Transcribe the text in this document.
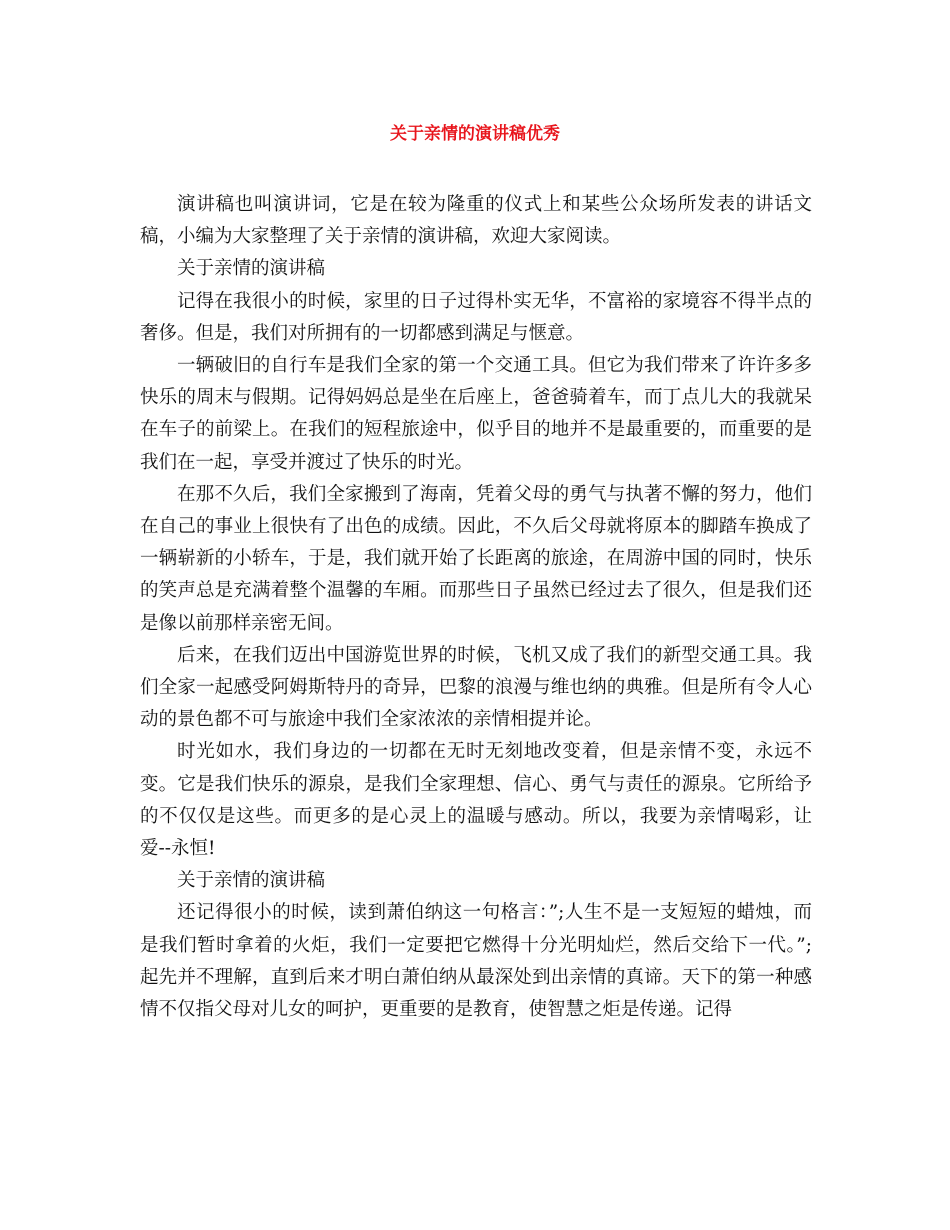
关于亲情的演讲稿优秀

演讲稿也叫演讲词，它是在较为隆重的仪式上和某些公众场所发表的讲话文稿，小编为大家整理了关于亲情的演讲稿，欢迎大家阅读。

关于亲情的演讲稿

记得在我很小的时候，家里的日子过得朴实无华，不富裕的家境容不得半点的奢侈。但是，我们对所拥有的一切都感到满足与惬意。

一辆破旧的自行车是我们全家的第一个交通工具。但它为我们带来了许许多多快乐的周末与假期。记得妈妈总是坐在后座上，爸爸骑着车，而丁点儿大的我就呆在车子的前梁上。在我们的短程旅途中，似乎目的地并不是最重要的，而重要的是我们在一起，享受并渡过了快乐的时光。

在那不久后，我们全家搬到了海南，凭着父母的勇气与执著不懈的努力，他们在自己的事业上很快有了出色的成绩。因此，不久后父母就将原本的脚踏车换成了一辆崭新的小轿车，于是，我们就开始了长距离的旅途，在周游中国的同时，快乐的笑声总是充满着整个温馨的车厢。而那些日子虽然已经过去了很久，但是我们还是像以前那样亲密无间。

后来，在我们迈出中国游览世界的时候，飞机又成了我们的新型交通工具。我们全家一起感受阿姆斯特丹的奇异，巴黎的浪漫与维也纳的典雅。但是所有令人心动的景色都不可与旅途中我们全家浓浓的亲情相提并论。

时光如水，我们身边的一切都在无时无刻地改变着，但是亲情不变，永远不变。它是我们快乐的源泉，是我们全家理想、信心、勇气与责任的源泉。它所给予的不仅仅是这些。而更多的是心灵上的温暖与感动。所以，我要为亲情喝彩，让爱--永恒!

关于亲情的演讲稿

还记得很小的时候，读到萧伯纳这一句格言：”;人生不是一支短短的蜡烛，而是我们暂时拿着的火炬，我们一定要把它燃得十分光明灿烂，然后交给下一代。”;起先并不理解，直到后来才明白萧伯纳从最深处到出亲情的真谛。天下的第一种感情不仅指父母对儿女的呵护，更重要的是教育，使智慧之炬是传递。记得
